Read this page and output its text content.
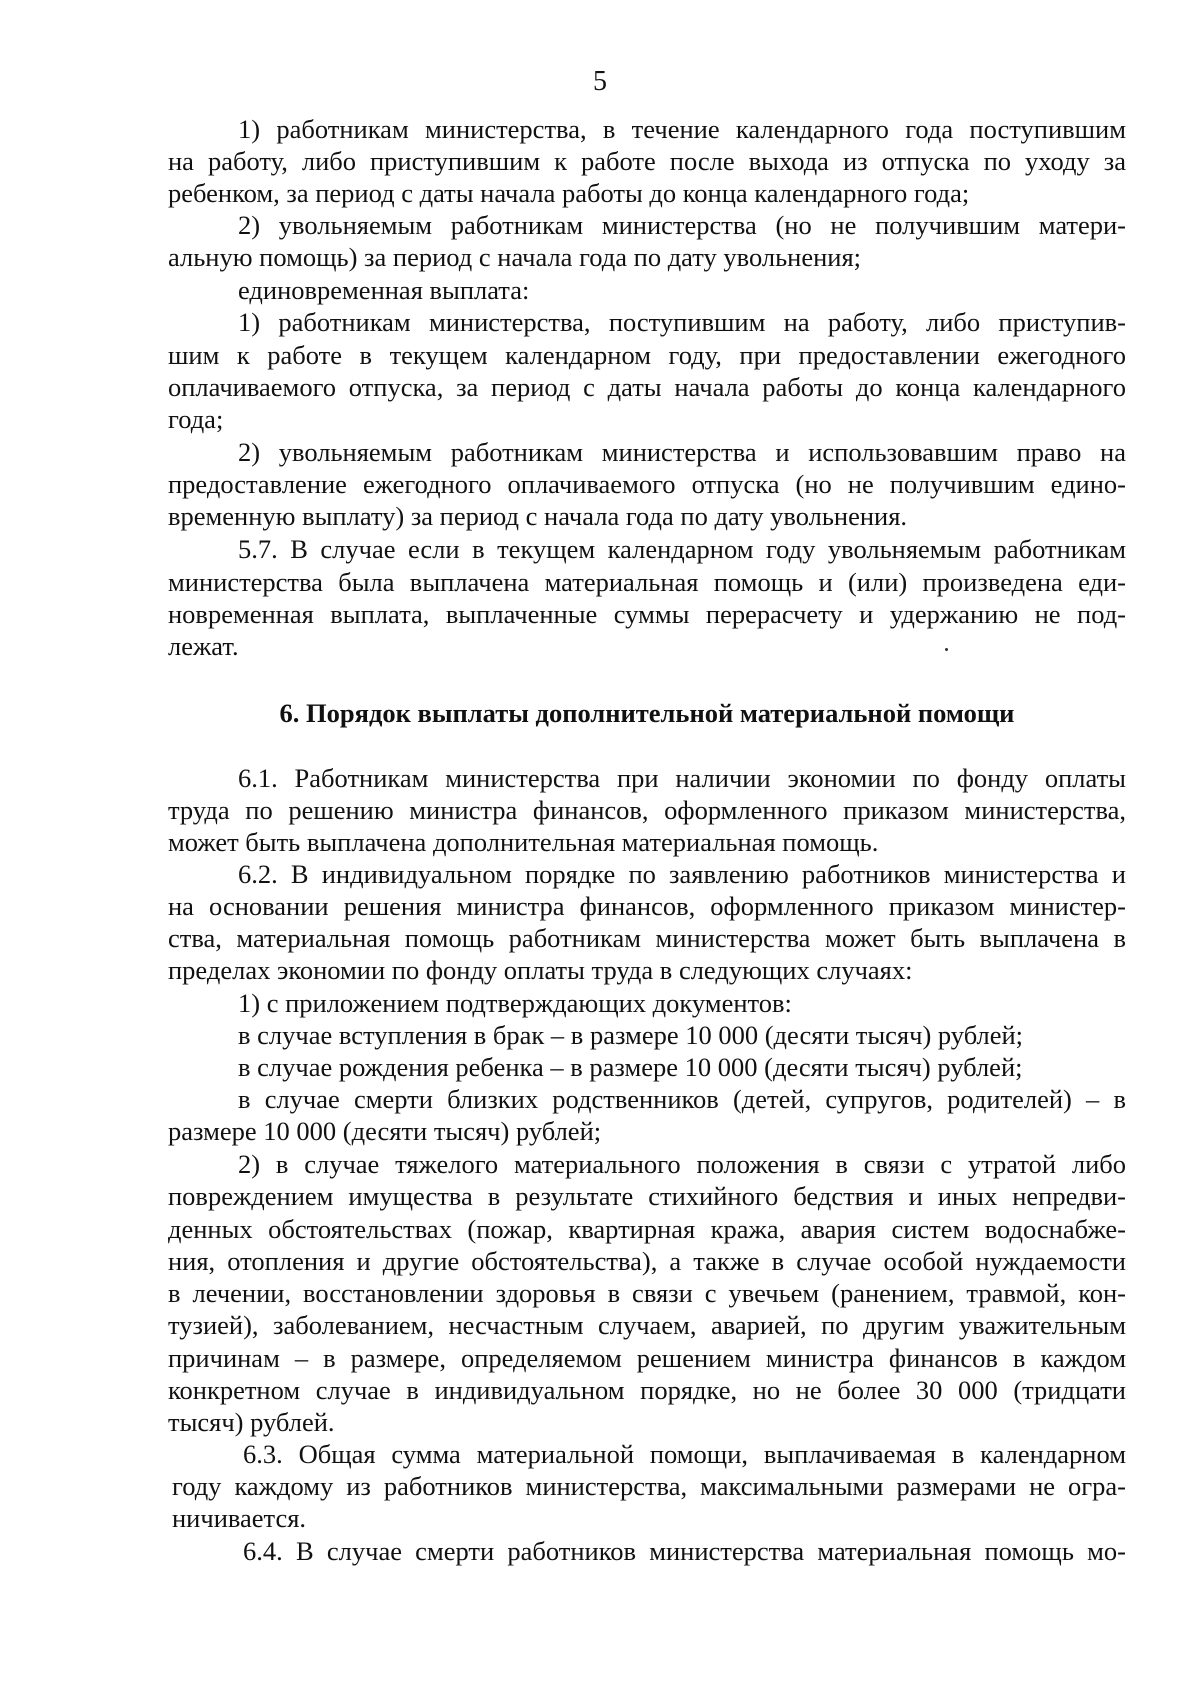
5
1) работникам министерства, в течение календарного года поступившим
на работу, либо приступившим к работе после выхода из отпуска по уходу за
ребенком, за период с даты начала работы до конца календарного года;
2) увольняемым работникам министерства (но не получившим матери-
альную помощь) за период с начала года по дату увольнения;
единовременная выплата:
1) работникам министерства, поступившим на работу, либо приступив-
шим к работе в текущем календарном году, при предоставлении ежегодного
оплачиваемого отпуска, за период с даты начала работы до конца календарного
года;
2) увольняемым работникам министерства и использовавшим право на
предоставление ежегодного оплачиваемого отпуска (но не получившим едино-
временную выплату) за период с начала года по дату увольнения.
5.7. В случае если в текущем календарном году увольняемым работникам
министерства была выплачена материальная помощь и (или) произведена еди-
новременная выплата, выплаченные суммы перерасчету и удержанию не под-
лежат.
6. Порядок выплаты дополнительной материальной помощи
6.1. Работникам министерства при наличии экономии по фонду оплаты
труда по решению министра финансов, оформленного приказом министерства,
может быть выплачена дополнительная материальная помощь.
6.2. В индивидуальном порядке по заявлению работников министерства и
на основании решения министра финансов, оформленного приказом министер-
ства, материальная помощь работникам министерства может быть выплачена в
пределах экономии по фонду оплаты труда в следующих случаях:
1) с приложением подтверждающих документов:
в случае вступления в брак – в размере 10 000 (десяти тысяч) рублей;
в случае рождения ребенка – в размере 10 000 (десяти тысяч) рублей;
в случае смерти близких родственников (детей, супругов, родителей) – в
размере 10 000 (десяти тысяч) рублей;
2) в случае тяжелого материального положения в связи с утратой либо
повреждением имущества в результате стихийного бедствия и иных непредви-
денных обстоятельствах (пожар, квартирная кража, авария систем водоснабже-
ния, отопления и другие обстоятельства), а также в случае особой нуждаемости
в лечении, восстановлении здоровья в связи с увечьем (ранением, травмой, кон-
тузией), заболеванием, несчастным случаем, аварией, по другим уважительным
причинам – в размере, определяемом решением министра финансов в каждом
конкретном случае в индивидуальном порядке, но не более 30 000 (тридцати
тысяч) рублей.
6.3. Общая сумма материальной помощи, выплачиваемая в календарном
году каждому из работников министерства, максимальными размерами не огра-
ничивается.
6.4. В случае смерти работников министерства материальная помощь мо-
